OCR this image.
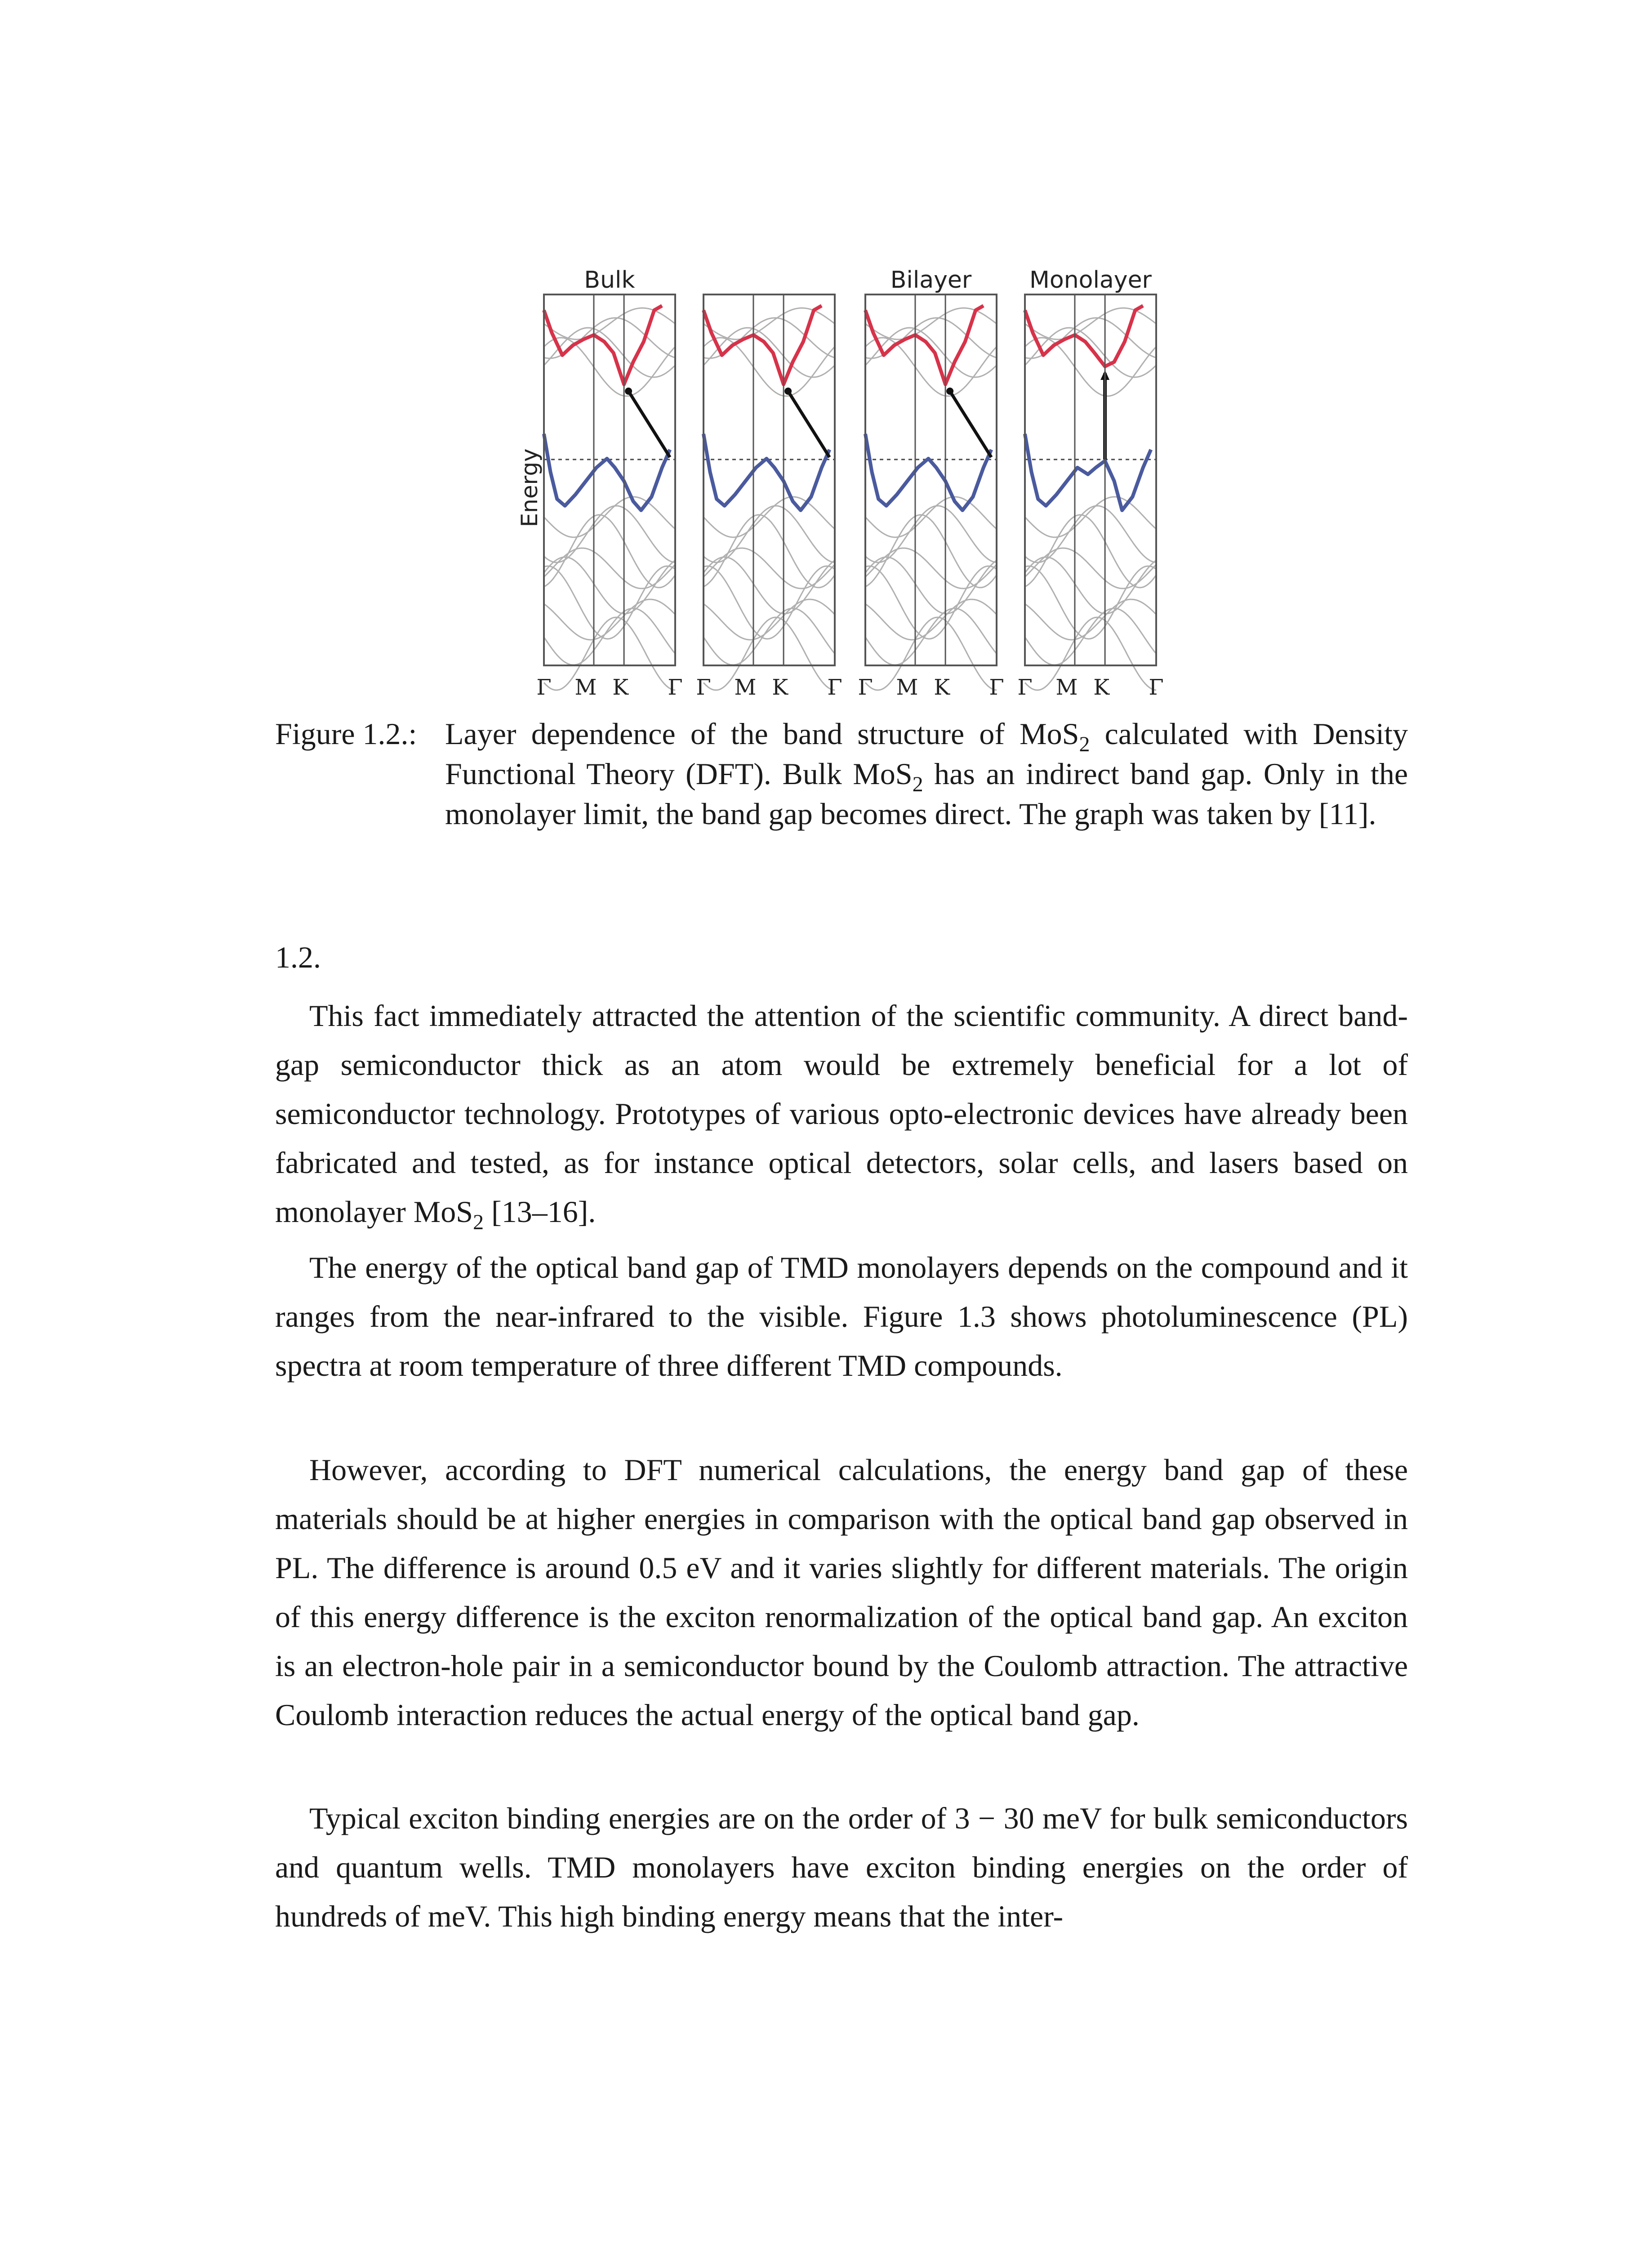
Energy
Bulk
Γ M K Γ Γ M K Γ
Bilayer
Γ M K Γ
Monolayer
Γ M K Γ
Figure 1.2.: Layer dependence of the band structure of MoS$_2$ calculated with Density Functional Theory (DFT). Bulk MoS$_2$ has an indirect band gap. Only in the monolayer limit, the band gap becomes direct. The graph was taken by [11].
1.2.

This fact immediately attracted the attention of the scientific community. A direct band-gap semiconductor thick as an atom would be extremely beneficial for a lot of semiconductor technology. Prototypes of various opto-electronic devices have already been fabricated and tested, as for instance optical detectors, solar cells, and lasers based on monolayer MoS$_2$ [13–16].

The energy of the optical band gap of TMD monolayers depends on the compound and it ranges from the near-infrared to the visible. Figure 1.3 shows photoluminescence (PL) spectra at room temperature of three different TMD compounds.

However, according to DFT numerical calculations, the energy band gap of these materials should be at higher energies in comparison with the optical band gap observed in PL. The difference is around 0.5 eV and it varies slightly for different materials. The origin of this energy difference is the exciton renormalization of the optical band gap. An exciton is an electron-hole pair in a semiconductor bound by the Coulomb attraction. The attractive Coulomb interaction reduces the actual energy of the optical band gap.

Typical exciton binding energies are on the order of 3 − 30 meV for bulk semiconductors and quantum wells. TMD monolayers have exciton binding energies on the order of hundreds of meV. This high binding energy means that the inter-
